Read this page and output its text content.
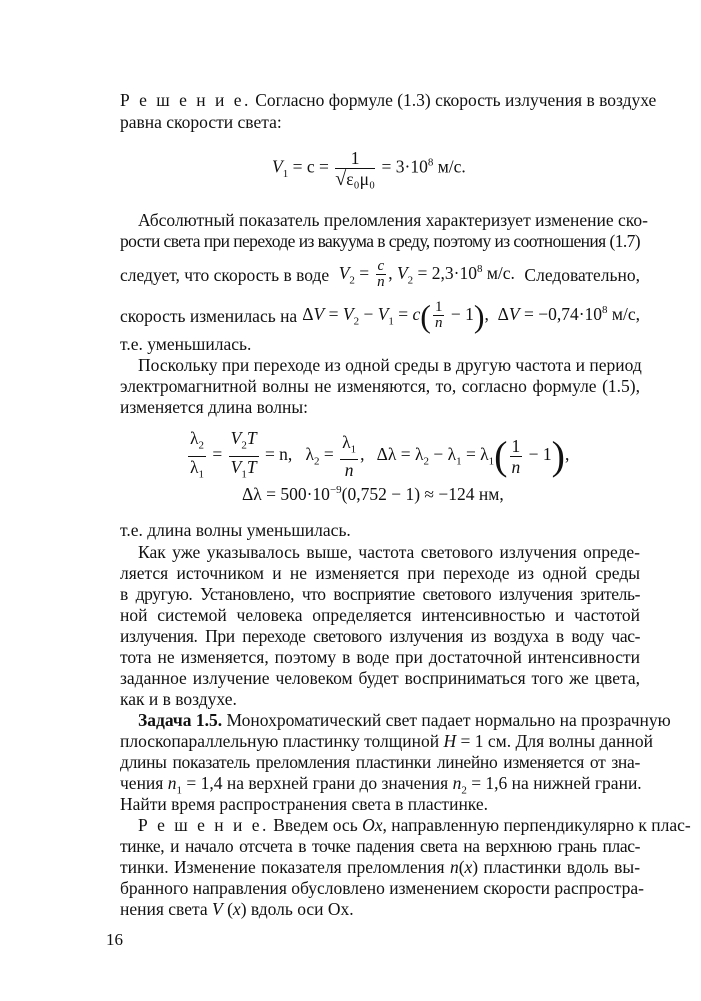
Р е ш е н и е. Согласно формуле (1.3) скорость излучения в воздухе
равна скорости света:
$V_1 = c = \frac{1}{\text{√ε₀μ₀}} = 3\cdot 10^8$ м/с.
Абсолютный показатель преломления характеризует изменение ско-
рости света при переходе из вакуума в среду, поэтому из соотношения (1.7)
следует, что скорость в воде $V_2 = \frac{c}{n}$ , $V_2 = 2,3\cdot 10^8$ м/с. Следовательно,
скорость изменилась на $\Delta V = V_2 - V_1 = c( \frac{1}{n} - 1)$,  $\Delta V = -0,74\cdot 10^8$ м/с,
т.е. уменьшилась.
Поскольку при переходе из одной среды в другую частота и период
электромагнитной волны не изменяются, то, согласно формуле (1.5),
изменяется длина волны:
$\frac{\lambda_2}{\lambda_1} = \frac{V_2T}{V_1T} = n$,   $\lambda_2 = \frac{\lambda_1}{n}$ ,   $\Delta\lambda = \lambda_2 - \lambda_1 = \lambda_1( \frac{1}{n} - 1)$,
$\Delta\lambda = 500\cdot 10^{-9}(0,752 - 1) \approx -124$ нм,
т.е. длина волны уменьшилась.
Как уже указывалось выше, частота светового излучения опреде-
ляется источником и не изменяется при переходе из одной среды
в другую. Установлено, что восприятие светового излучения зритель-
ной системой человека определяется интенсивностью и частотой
излучения. При переходе светового излучения из воздуха в воду час-
тота не изменяется, поэтому в воде при достаточной интенсивности
заданное излучение человеком будет восприниматься того же цвета,
как и в воздухе.
Задача 1.5. Монохроматический свет падает нормально на прозрачную
плоскопараллельную пластинку толщиной H = 1 см. Для волны данной
длины показатель преломления пластинки линейно изменяется от зна-
чения $n_1 = 1,4$ на верхней грани до значения $n_2 = 1,6$ на нижней грани.
Найти время распространения света в пластинке.
Р е ш е н и е. Введем ось Ox, направленную перпендикулярно к плас-
тинке, и начало отсчета в точке падения света на верхнюю грань плас-
тинки. Изменение показателя преломления n(x) пластинки вдоль вы-
бранного направления обусловлено изменением скорости распростра-
нения света V (x) вдоль оси Ox.
16
